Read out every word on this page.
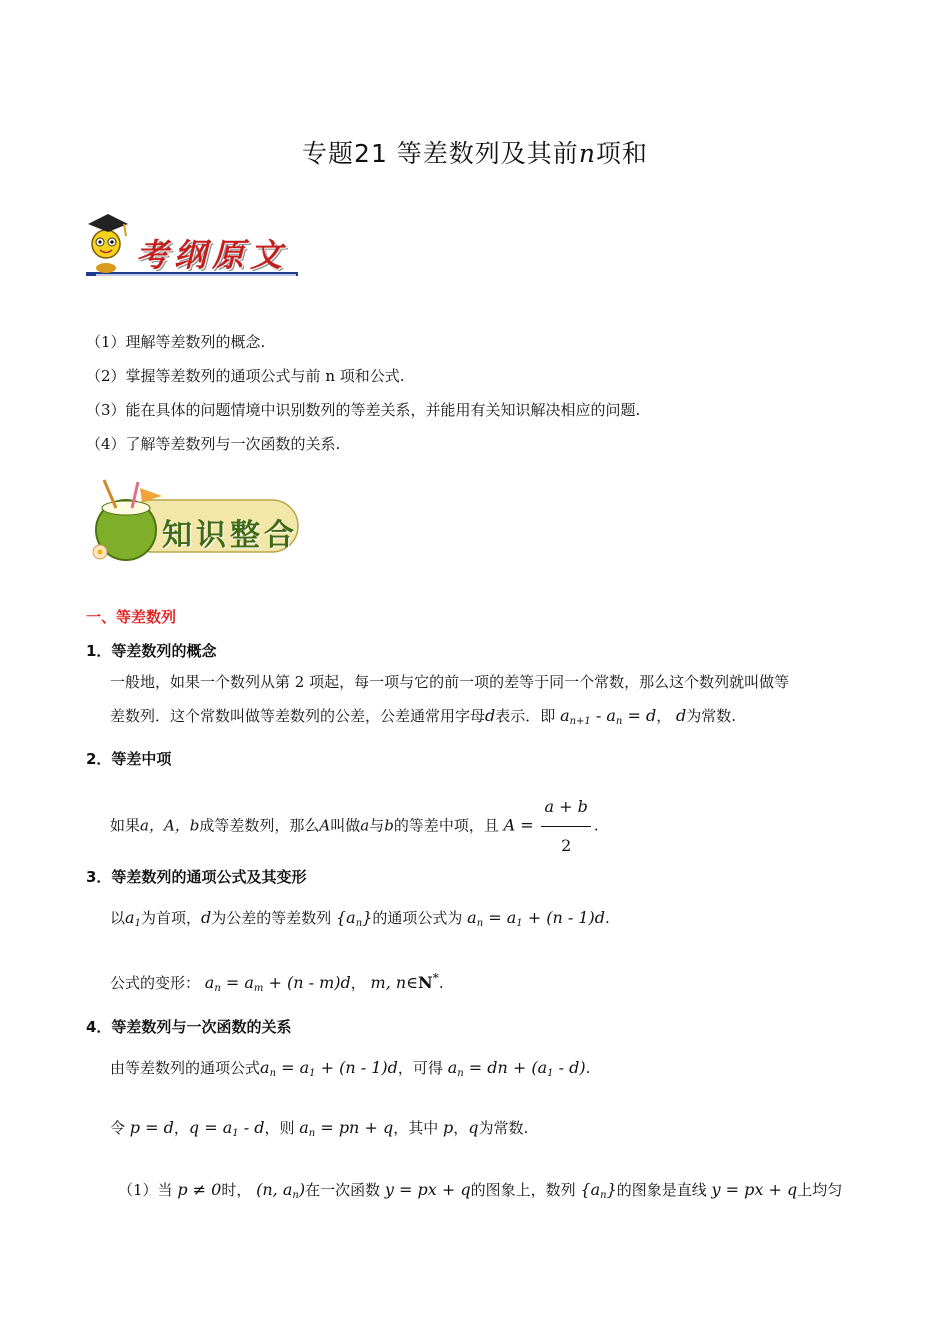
专题21 等差数列及其前n项和
考纲原文
（1）理解等差数列的概念.
（2）掌握等差数列的通项公式与前 n 项和公式.
（3）能在具体的问题情境中识别数列的等差关系，并能用有关知识解决相应的问题.
（4）了解等差数列与一次函数的关系.
知识整合
一、等差数列
1．等差数列的概念
一般地，如果一个数列从第 2 项起，每一项与它的前一项的差等于同一个常数，那么这个数列就叫做等
差数列．这个常数叫做等差数列的公差，公差通常用字母d表示．即 $a_{n+1} - a_n = d$， d为常数.
2．等差中项
如果a，A，b成等差数列，那么A叫做a与b的等差中项，且 $A = \frac{a + b}{2}$ .
3．等差数列的通项公式及其变形
以$a_1$为首项，d为公差的等差数列 $\{a_n\}$的通项公式为 $a_n = a_1 + (n - 1)d$.
公式的变形： $a_n = a_m + (n - m)d$， m, n∈N*.
4．等差数列与一次函数的关系
由等差数列的通项公式$a_n = a_1 + (n - 1)d$，可得 $a_n$ = dn + $(a_1 - d)$.
令 p = d，$q = a_1 - d$，则 $a_n$ = pn + q，其中 p，q为常数.
（1）当 p ≠ 0时， (n, $a_n$)在一次函数 y = px + q的图象上，数列 $\{a_n\}$的图象是直线 y = px + q上均匀
